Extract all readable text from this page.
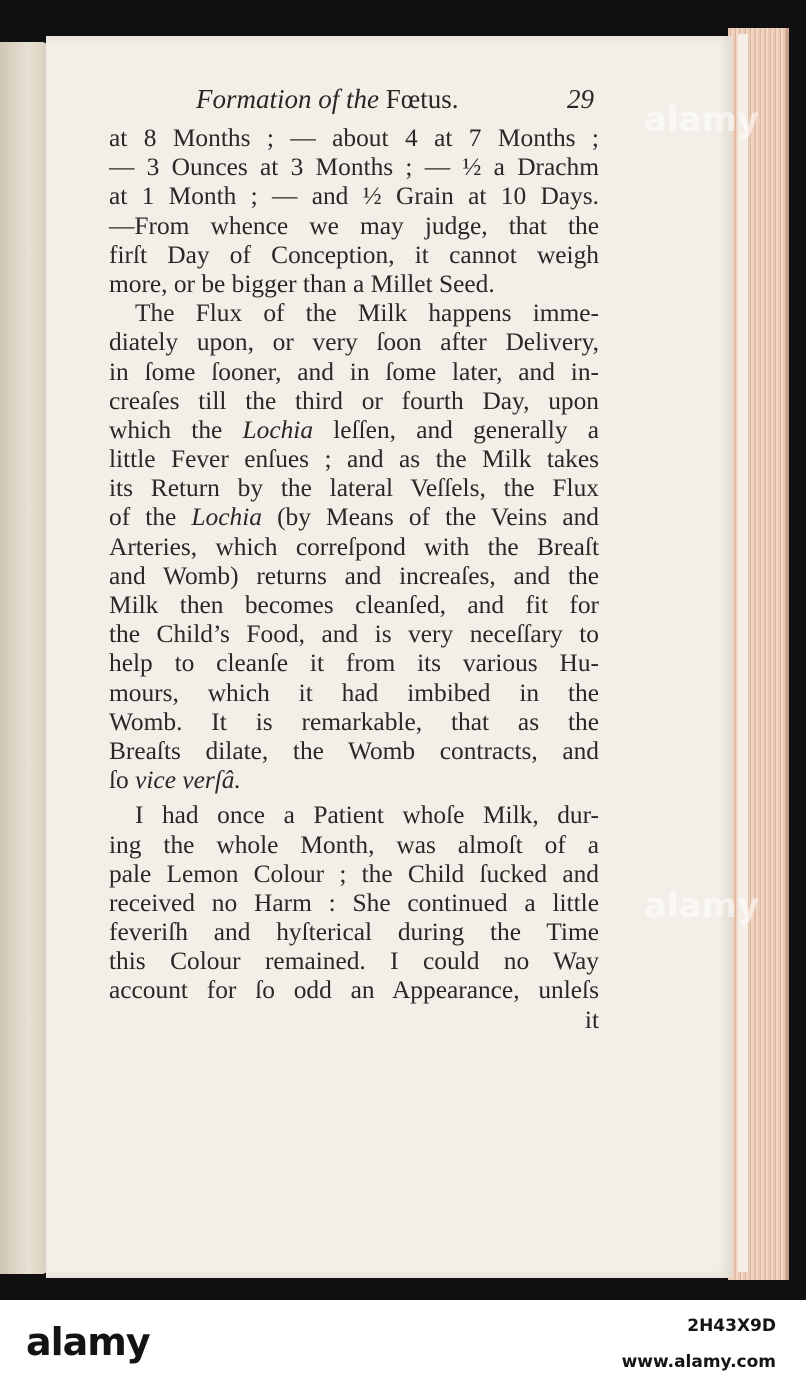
Formation of the Fœtus.	29
at 8 Months ; — about 4 at 7 Months ;
— 3 Ounces at 3 Months ; — ½ a Drachm
at 1 Month ; — and ½ Grain at 10 Days.
—From whence we may judge, that the
firſt Day of Conception, it cannot weigh
more, or be bigger than a Millet Seed.
The Flux of the Milk happens imme-
diately upon, or very ſoon after Delivery,
in ſome ſooner, and in ſome later, and in-
creaſes till the third or fourth Day, upon
which the Lochia leſſen, and generally a
little Fever enſues ; and as the Milk takes
its Return by the lateral Veſſels, the Flux
of the Lochia (by Means of the Veins and
Arteries, which correſpond with the Breaſt
and Womb) returns and increaſes, and the
Milk then becomes cleanſed, and fit for
the Child’s Food, and is very neceſſary to
help to cleanſe it from its various Hu-
mours, which it had imbibed in the
Womb. It is remarkable, that as the
Breaſts dilate, the Womb contracts, and
ſo vice verſâ.
I had once a Patient whoſe Milk, dur-
ing the whole Month, was almoſt of a
pale Lemon Colour ; the Child ſucked and
received no Harm : She continued a little
feveriſh and hyſterical during the Time
this Colour remained. I could no Way
account for ſo odd an Appearance, unleſs
it
alamy
alamy
alamy	2H43X9D
www.alamy.com
